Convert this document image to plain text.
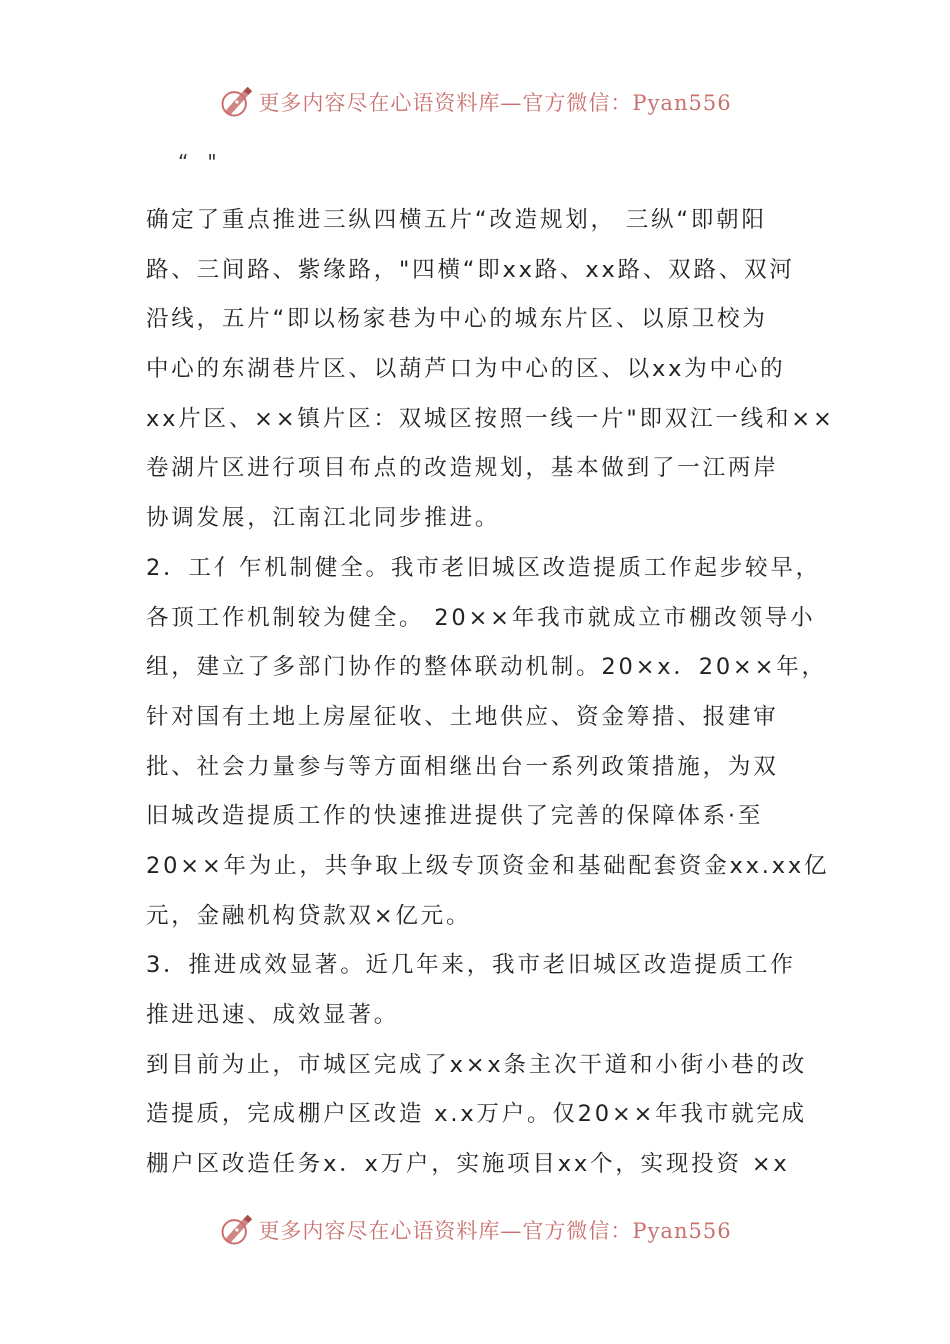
更多内容尽在心语资料库—官方微信：Pyan556
“   "
确定了重点推进三纵四横五片“改造规划， 三纵“即朝阳
路、三间路、紫缘路，"四横“即xx路、xx路、双路、双河
沿线，五片“即以杨家巷为中心的城东片区、以原卫校为
中心的东湖巷片区、以葫芦口为中心的区、以xx为中心的
xx片区、××镇片区：双城区按照一线一片"即双江一线和××
卷湖片区进行项目布点的改造规划，基本做到了一江两岸
协调发展，江南江北同步推进。
2．工亻乍机制健全。我市老旧城区改造提质工作起步较早，
各顶工作机制较为健全。 20××年我市就成立市棚改领导小
组，建立了多部门协作的整体联动机制。20×x．20××年，
针对国有土地上房屋征收、土地供应、资金筹措、报建审
批、社会力量参与等方面相继出台一系列政策措施，为双
旧城改造提质工作的快速推进提供了完善的保障体系·至
20××年为止，共争取上级专顶资金和基础配套资金xx.xx亿
元，金融机构贷款双×亿元。
3．推进成效显著。近几年来，我市老旧城区改造提质工作
推进迅速、成效显著。
到目前为止，市城区完成了x×x条主次干道和小街小巷的改
造提质，完成棚户区改造 x.x万户。仅20××年我市就完成
棚户区改造任务x．x万户，实施项目xx个，实现投资 ×x
更多内容尽在心语资料库—官方微信：Pyan556
